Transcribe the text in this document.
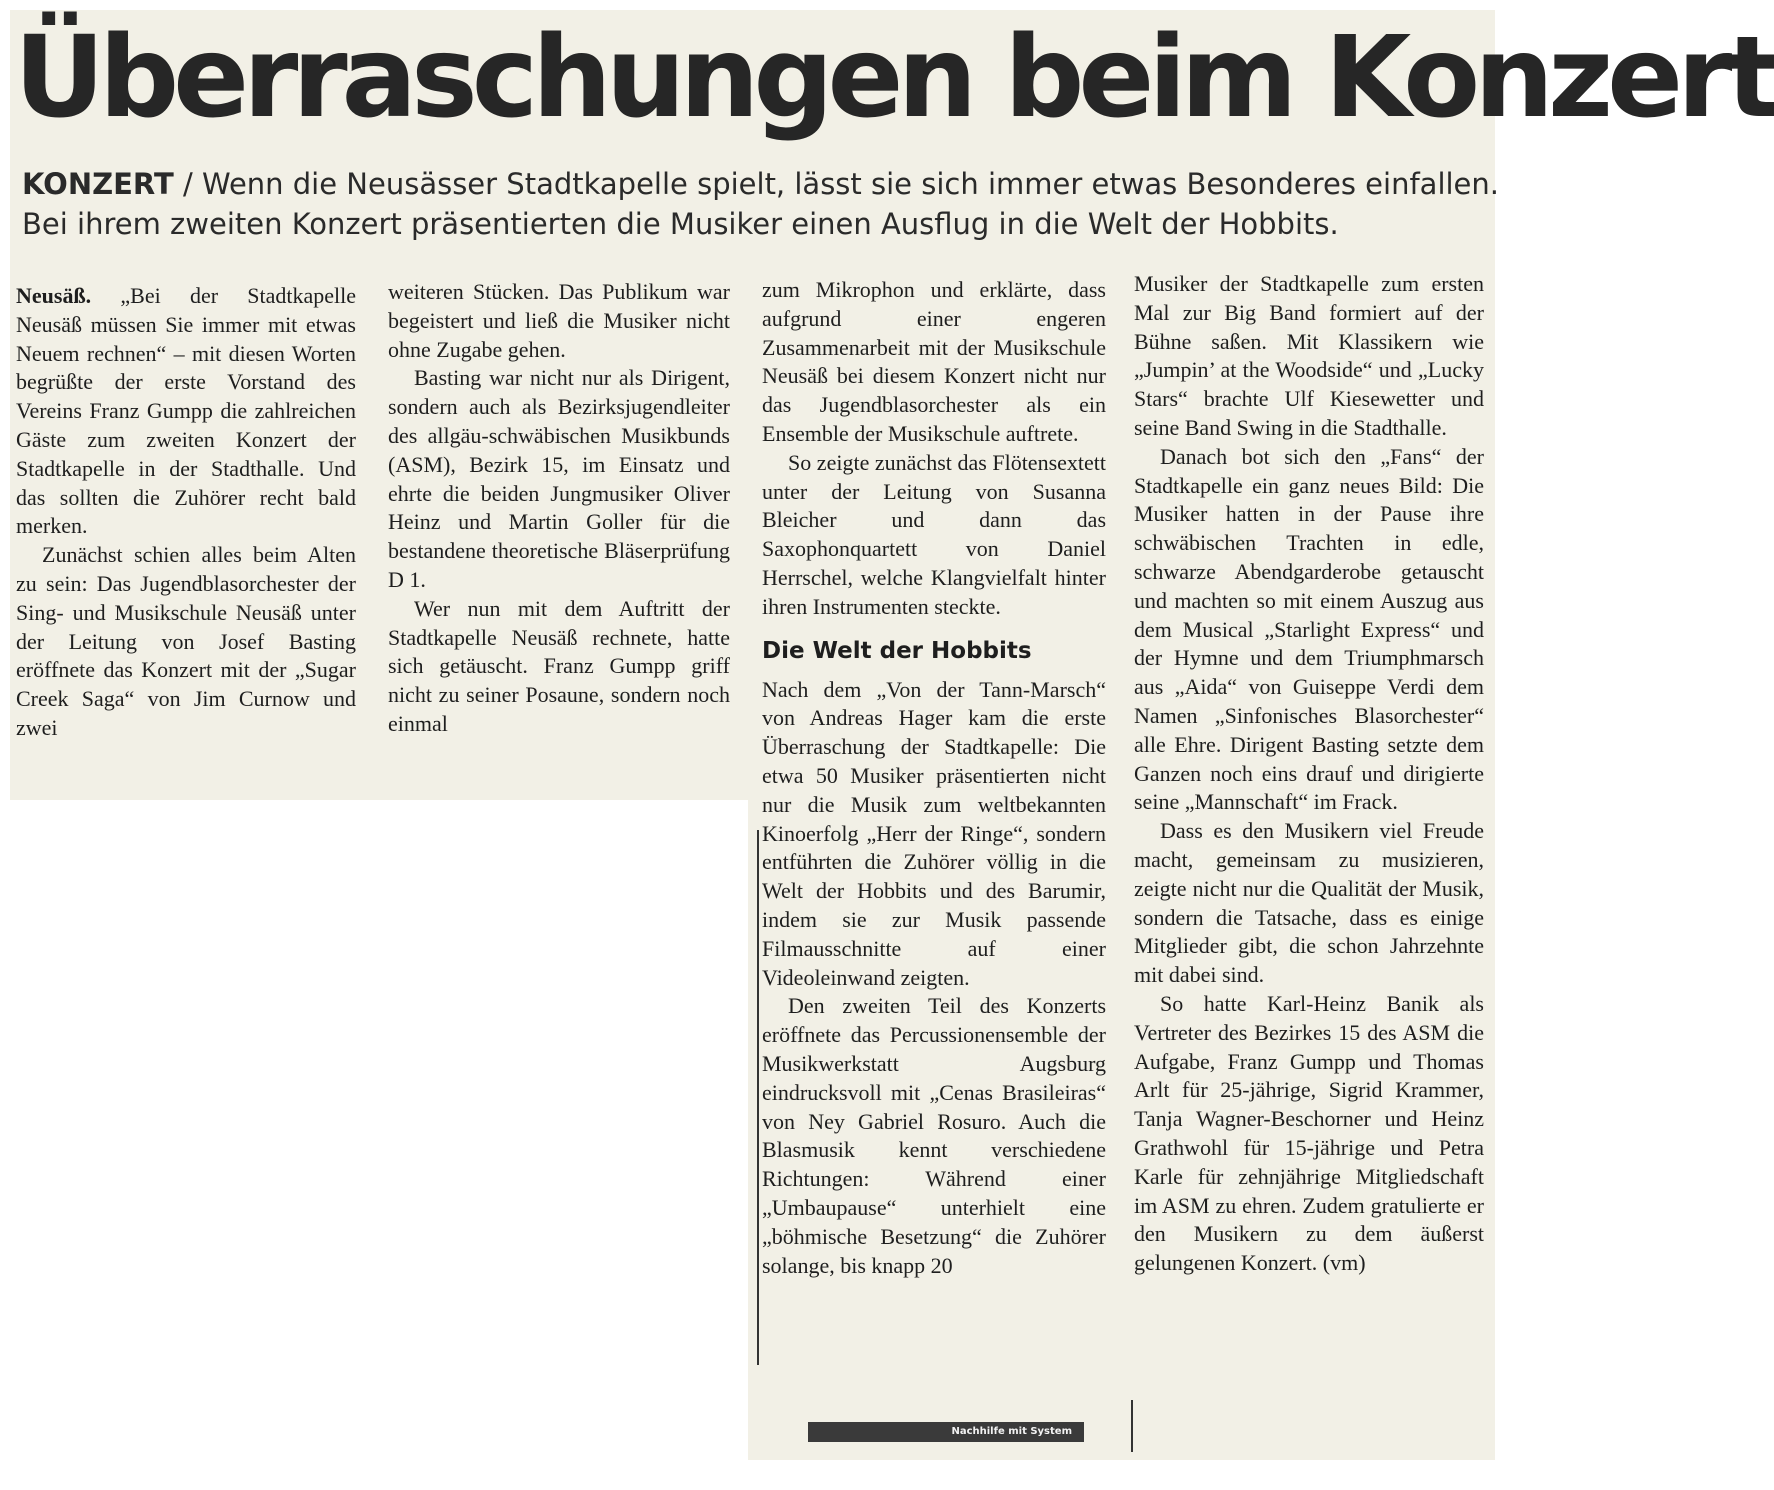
Überraschungen beim Konzert
KONZERT / Wenn die Neusässer Stadtkapelle spielt, lässt sie sich immer etwas Besonderes einfallen.
Bei ihrem zweiten Konzert präsentierten die Musiker einen Ausflug in die Welt der Hobbits.

Neusäß. „Bei der Stadtkapelle Neusäß müssen Sie immer mit etwas Neuem rechnen“ – mit diesen Worten begrüßte der erste Vorstand des Vereins Franz Gumpp die zahlreichen Gäste zum zweiten Konzert der Stadtkapelle in der Stadthalle. Und das sollten die Zuhörer recht bald merken.

Zunächst schien alles beim Alten zu sein: Das Jugendblasorchester der Sing- und Musikschule Neusäß unter der Leitung von Josef Basting eröffnete das Konzert mit der „Sugar Creek Saga“ von Jim Curnow und zwei

weiteren Stücken. Das Publikum war begeistert und ließ die Musiker nicht ohne Zugabe gehen.

Basting war nicht nur als Dirigent, sondern auch als Bezirksjugendleiter des allgäu-schwäbischen Musikbunds (ASM), Bezirk 15, im Einsatz und ehrte die beiden Jungmusiker Oliver Heinz und Martin Goller für die bestandene theoretische Bläserprüfung D 1.

Wer nun mit dem Auftritt der Stadtkapelle Neusäß rechnete, hatte sich getäuscht. Franz Gumpp griff nicht zu seiner Posaune, sondern noch einmal

zum Mikrophon und erklärte, dass aufgrund einer engeren Zusammenarbeit mit der Musikschule Neusäß bei diesem Konzert nicht nur das Jugendblasorchester als ein Ensemble der Musikschule auftrete.

So zeigte zunächst das Flötensextett unter der Leitung von Susanna Bleicher und dann das Saxophonquartett von Daniel Herrschel, welche Klangvielfalt hinter ihren Instrumenten steckte.

Die Welt der Hobbits

Nach dem „Von der Tann-Marsch“ von Andreas Hager kam die erste Überraschung der Stadtkapelle: Die etwa 50 Musiker präsentierten nicht nur die Musik zum weltbekannten Kinoerfolg „Herr der Ringe“, sondern entführten die Zuhörer völlig in die Welt der Hobbits und des Barumir, indem sie zur Musik passende Filmausschnitte auf einer Videoleinwand zeigten.

Den zweiten Teil des Konzerts eröffnete das Percussionensemble der Musikwerkstatt Augsburg eindrucksvoll mit „Cenas Brasileiras“ von Ney Gabriel Rosuro. Auch die Blasmusik kennt verschiedene Richtungen: Während einer „Umbaupause“ unterhielt eine „böhmische Besetzung“ die Zuhörer solange, bis knapp 20

Musiker der Stadtkapelle zum ersten Mal zur Big Band formiert auf der Bühne saßen. Mit Klassikern wie „Jumpin’ at the Woodside“ und „Lucky Stars“ brachte Ulf Kiesewetter und seine Band Swing in die Stadthalle.

Danach bot sich den „Fans“ der Stadtkapelle ein ganz neues Bild: Die Musiker hatten in der Pause ihre schwäbischen Trachten in edle, schwarze Abendgarderobe getauscht und machten so mit einem Auszug aus dem Musical „Starlight Express“ und der Hymne und dem Triumphmarsch aus „Aida“ von Guiseppe Verdi dem Namen „Sinfonisches Blasorchester“ alle Ehre. Dirigent Basting setzte dem Ganzen noch eins drauf und dirigierte seine „Mannschaft“ im Frack.

Dass es den Musikern viel Freude macht, gemeinsam zu musizieren, zeigte nicht nur die Qualität der Musik, sondern die Tatsache, dass es einige Mitglieder gibt, die schon Jahrzehnte mit dabei sind.

So hatte Karl-Heinz Banik als Vertreter des Bezirkes 15 des ASM die Aufgabe, Franz Gumpp und Thomas Arlt für 25-jährige, Sigrid Krammer, Tanja Wagner-Beschorner und Heinz Grathwohl für 15-jährige und Petra Karle für zehnjährige Mitgliedschaft im ASM zu ehren. Zudem gratulierte er den Musikern zu dem äußerst gelungenen Konzert. (vm)

Nachhilfe mit System
